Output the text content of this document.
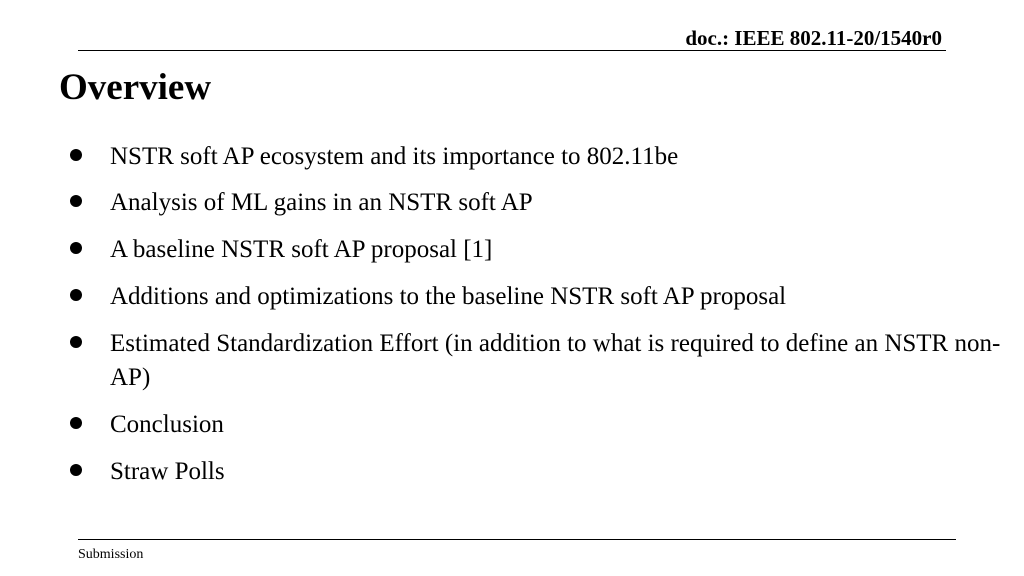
doc.: IEEE 802.11-20/1540r0
Overview
NSTR soft AP ecosystem and its importance to 802.11be
Analysis of ML gains in an NSTR soft AP
A baseline NSTR soft AP proposal [1]
Additions and optimizations to the baseline NSTR soft AP proposal
Estimated Standardization Effort (in addition to what is required to define an NSTR non-AP)
Conclusion
Straw Polls
Submission
